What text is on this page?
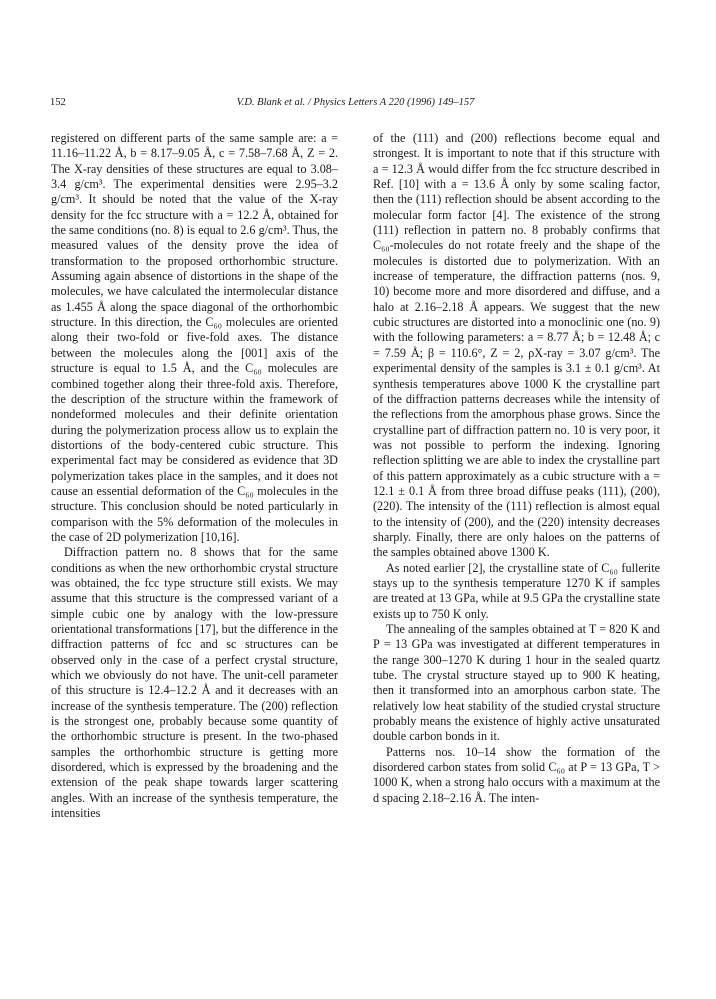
152	V.D. Blank et al. / Physics Letters A 220 (1996) 149–157

registered on different parts of the same sample are: a = 11.16–11.22 Å, b = 8.17–9.05 Å, c = 7.58–7.68 Å, Z = 2. The X-ray densities of these structures are equal to 3.08–3.4 g/cm³. The experimental densities were 2.95–3.2 g/cm³. It should be noted that the value of the X-ray density for the fcc structure with a = 12.2 Å, obtained for the same conditions (no. 8) is equal to 2.6 g/cm³. Thus, the measured values of the density prove the idea of transformation to the proposed orthorhombic structure. Assuming again absence of distortions in the shape of the molecules, we have calculated the intermolecular distance as 1.455 Å along the space diagonal of the orthorhombic structure. In this direction, the C₆₀ molecules are oriented along their two-fold or five-fold axes. The distance between the molecules along the [001] axis of the structure is equal to 1.5 Å, and the C₆₀ molecules are combined together along their three-fold axis. Therefore, the description of the structure within the framework of nondeformed molecules and their definite orientation during the polymerization process allow us to explain the distortions of the body-centered cubic structure. This experimental fact may be considered as evidence that 3D polymerization takes place in the samples, and it does not cause an essential deformation of the C₆₀ molecules in the structure. This conclusion should be noted particularly in comparison with the 5% deformation of the molecules in the case of 2D polymerization [10,16].

Diffraction pattern no. 8 shows that for the same conditions as when the new orthorhombic crystal structure was obtained, the fcc type structure still exists. We may assume that this structure is the compressed variant of a simple cubic one by analogy with the low-pressure orientational transformations [17], but the difference in the diffraction patterns of fcc and sc structures can be observed only in the case of a perfect crystal structure, which we obviously do not have. The unit-cell parameter of this structure is 12.4–12.2 Å and it decreases with an increase of the synthesis temperature. The (200) reflection is the strongest one, probably because some quantity of the orthorhombic structure is present. In the two-phased samples the orthorhombic structure is getting more disordered, which is expressed by the broadening and the extension of the peak shape towards larger scattering angles. With an increase of the synthesis temperature, the intensities

of the (111) and (200) reflections become equal and strongest. It is important to note that if this structure with a = 12.3 Å would differ from the fcc structure described in Ref. [10] with a = 13.6 Å only by some scaling factor, then the (111) reflection should be absent according to the molecular form factor [4]. The existence of the strong (111) reflection in pattern no. 8 probably confirms that C₆₀-molecules do not rotate freely and the shape of the molecules is distorted due to polymerization. With an increase of temperature, the diffraction patterns (nos. 9, 10) become more and more disordered and diffuse, and a halo at 2.16–2.18 Å appears. We suggest that the new cubic structures are distorted into a monoclinic one (no. 9) with the following parameters: a = 8.77 Å; b = 12.48 Å; c = 7.59 Å; β = 110.6°, Z = 2, ρX-ray = 3.07 g/cm³. The experimental density of the samples is 3.1 ± 0.1 g/cm³. At synthesis temperatures above 1000 K the crystalline part of the diffraction patterns decreases while the intensity of the reflections from the amorphous phase grows. Since the crystalline part of diffraction pattern no. 10 is very poor, it was not possible to perform the indexing. Ignoring reflection splitting we are able to index the crystalline part of this pattern approximately as a cubic structure with a = 12.1 ± 0.1 Å from three broad diffuse peaks (111), (200), (220). The intensity of the (111) reflection is almost equal to the intensity of (200), and the (220) intensity decreases sharply. Finally, there are only haloes on the patterns of the samples obtained above 1300 K.

As noted earlier [2], the crystalline state of C₆₀ fullerite stays up to the synthesis temperature 1270 K if samples are treated at 13 GPa, while at 9.5 GPa the crystalline state exists up to 750 K only.

The annealing of the samples obtained at T = 820 K and P = 13 GPa was investigated at different temperatures in the range 300–1270 K during 1 hour in the sealed quartz tube. The crystal structure stayed up to 900 K heating, then it transformed into an amorphous carbon state. The relatively low heat stability of the studied crystal structure probably means the existence of highly active unsaturated double carbon bonds in it.

Patterns nos. 10–14 show the formation of the disordered carbon states from solid C₆₀ at P = 13 GPa, T > 1000 K, when a strong halo occurs with a maximum at the d spacing 2.18–2.16 Å. The inten-
